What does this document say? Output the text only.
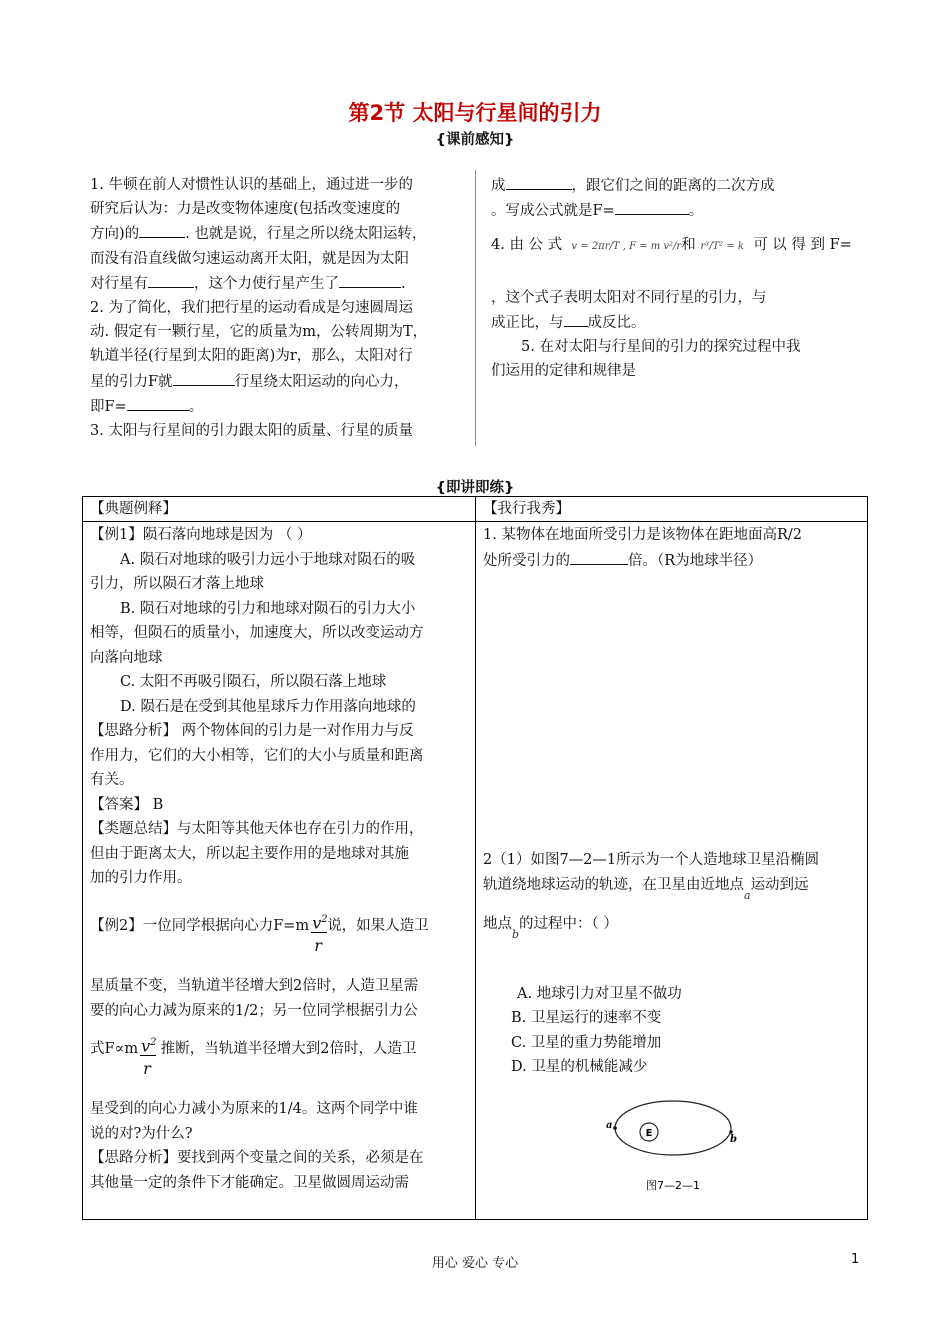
第2节 太阳与行星间的引力
{课前感知}
1. 牛顿在前人对惯性认识的基础上，通过进一步的
研究后认为：力是改变物体速度(包括改变速度的
方向)的	. 也就是说，行星之所以绕太阳运转，
而没有沿直线做匀速运动离开太阳，就是因为太阳
对行星有	，这个力使行星产生了	.
2. 为了简化，我们把行星的运动看成是匀速圆周运
动. 假定有一颗行星，它的质量为m，公转周期为T，
轨道半径(行星到太阳的距离)为r，那么，太阳对行
星的引力F就	行星绕太阳运动的向心力，
即F=	。
3. 太阳与行星间的引力跟太阳的质量、行星的质量
成	，跟它们之间的距离的二次方成
。写成公式就是F=	。
4. 由 公 式 v = 2πr/T , F = m v²/r和 r³/T² = k 可 以 得 到 F=
，这个式子表明太阳对不同行星的引力，与
成正比，与 成反比。
5. 在对太阳与行星间的引力的探究过程中我
们运用的定律和规律是
{即讲即练}
【典题例释】	【我行我秀】
【例1】陨石落向地球是因为 （ ）
A. 陨石对地球的吸引力远小于地球对陨石的吸
引力，所以陨石才落上地球
B. 陨石对地球的引力和地球对陨石的引力大小
相等，但陨石的质量小，加速度大，所以改变运动方
向落向地球
C. 太阳不再吸引陨石，所以陨石落上地球
D. 陨石是在受到其他星球斥力作用落向地球的
【思路分析】 两个物体间的引力是一对作用力与反
作用力，它们的大小相等，它们的大小与质量和距离
有关。
【答案】 B
【类题总结】与太阳等其他天体也存在引力的作用，
但由于距离太大，所以起主要作用的是地球对其施
加的引力作用。
【例2】一位同学根据向心力$F=m \frac{v^2}{r}$ 说，如果人造卫
星质量不变，当轨道半径增大到2倍时，人造卫星需
要的向心力减为原来的1/2；另一位同学根据引力公
式$F\propto m \frac{v^2}{r}$ 推断，当轨道半径增大到2倍时，人造卫
星受到的向心力减小为原来的1/4。这两个同学中谁
说的对?为什么?
【思路分析】要找到两个变量之间的关系，必须是在
其他量一定的条件下才能确定。卫星做圆周运动需
1. 某物体在地面所受引力是该物体在距地面高R/2
处所受引力的	倍。（R为地球半径）
2（1）如图7—2—1所示为一个人造地球卫星沿椭圆
轨道绕地球运动的轨迹，在卫星由近地点$_a$运动到远
地点$_b$的过程中：（ ）
A. 地球引力对卫星不做功
B. 卫星运行的速率不变
C. 卫星的重力势能增加
D. 卫星的机械能减少
E
a
b
图7—2—1
用心 爱心 专心	1
